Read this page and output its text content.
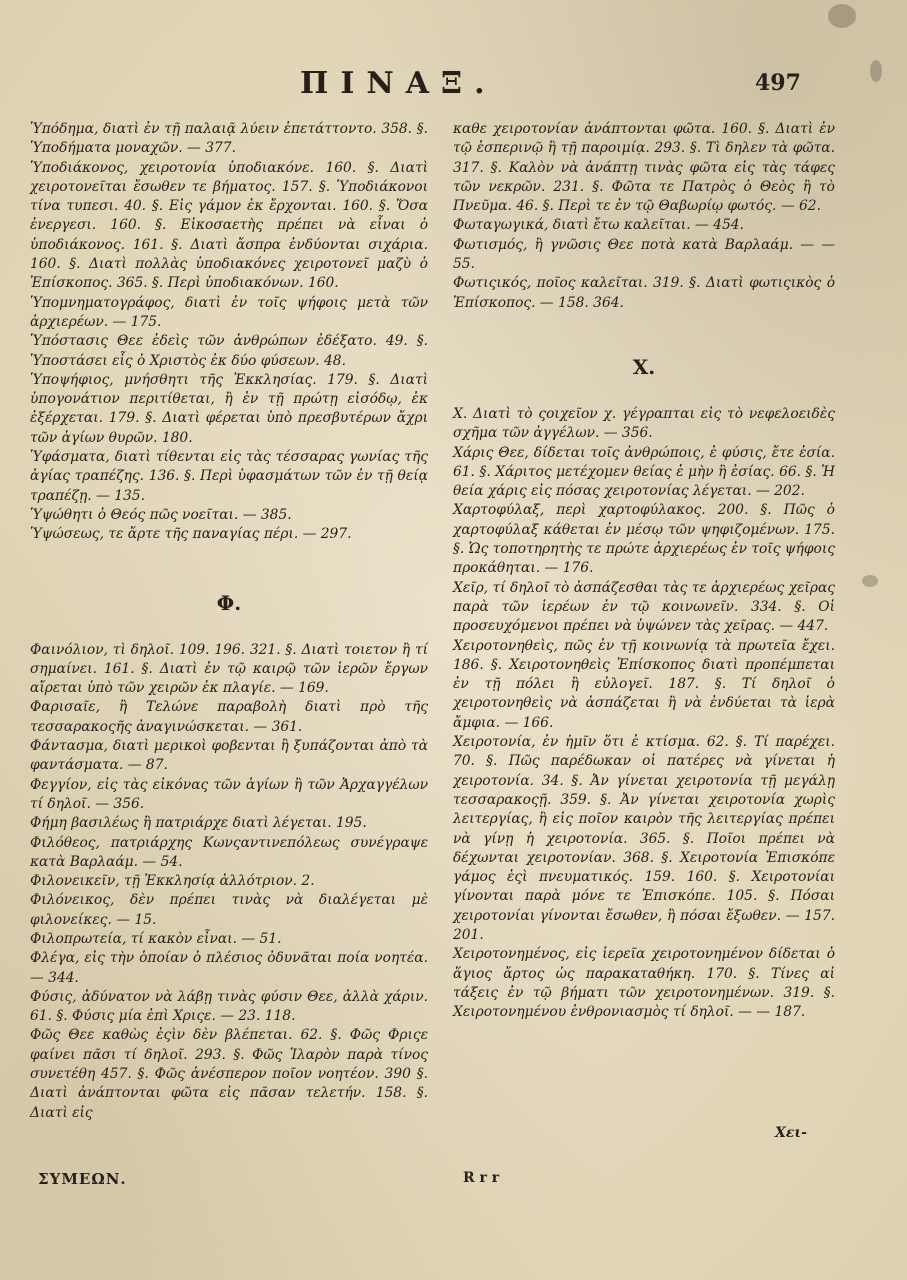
ΠΙΝΑΞ.	497

Ὑπόδημα, διατὶ ἐν τῇ παλαιᾷ λύειν ἐπετάττοντο. 358. §. Ὑποδήματα μοναχῶν. — 377.

Ὑποδιάκονος, χειροτονία ὑποδιακόνε. 160. §. Διατὶ χειροτονεῖται ἔσωθεν τε βήματος. 157. §. Ὑποδιάκονοι τίνα τυπεσι. 40. §. Εἰς γάμον ἐκ ἔρχονται. 160. §. Ὅσα ἐνεργεσι. 160. §. Εἰκοσαετὴς πρέπει νὰ εἶναι ὁ ὑποδιάκονος. 161. §. Διατὶ ἄσπρα ἐνδύονται σιχάρια. 160. §. Διατὶ πολλὰς ὑποδιακόνες χειροτονεῖ μαζὺ ὁ Ἐπίσκοπος. 365. §. Περὶ ὑποδιακόνων. 160.

Ὑπομνηματογράφος, διατὶ ἐν τοῖς ψήφοις μετὰ τῶν ἀρχιερέων. — 175.

Ὑπόστασις Θεε ἐδεὶς τῶν ἀνθρώπων ἐδέξατο. 49. §. Ὑποστάσει εἷς ὁ Χριστὸς ἐκ δύο φύσεων. 48.

Ὑποψήφιος, μνήσθητι τῆς Ἐκκλησίας. 179. §. Διατὶ ὑπογονάτιον περιτίθεται, ἢ ἐν τῇ πρώτῃ εἰσόδῳ, ἐκ ἐξέρχεται. 179. §. Διατὶ φέρεται ὑπὸ πρεσβυτέρων ἄχρι τῶν ἁγίων θυρῶν. 180.

Ὑφάσματα, διατὶ τίθενται εἰς τὰς τέσσαρας γωνίας τῆς ἁγίας τραπέζης. 136. §. Περὶ ὑφασμάτων τῶν ἐν τῇ θείᾳ τραπέζῃ. — 135.

Ὑψώθητι ὁ Θεός πῶς νοεῖται. — 385.

Ὑψώσεως, τε ἄρτε τῆς παναγίας πέρι. — 297.

Φ.

Φαινόλιον, τὶ δηλοῖ. 109. 196. 321. §. Διατὶ τοιετον ἢ τί σημαίνει. 161. §. Διατὶ ἐν τῷ καιρῷ τῶν ἱερῶν ἔργων αἴρεται ὑπὸ τῶν χειρῶν ἐκ πλαγίε. — 169.

Φαρισαῖε, ἢ Τελώνε παραβολὴ διατὶ πρὸ τῆς τεσσαρακοςῆς ἀναγινώσκεται. — 361.

Φάντασμα, διατὶ μερικοὶ φοβενται ἢ ξυπάζονται ἀπὸ τὰ φαντάσματα. — 87.

Φεγγίον, εἰς τὰς εἰκόνας τῶν ἁγίων ἢ τῶν Ἀρχαγγέλων τί δηλοῖ. — 356.

Φήμη βασιλέως ἢ πατριάρχε διατὶ λέγεται. 195.

Φιλόθεος, πατριάρχης Κωνςαντινεπόλεως συνέγραψε κατὰ Βαρλαάμ. — 54.

Φιλονεικεῖν, τῇ Ἐκκλησίᾳ ἀλλότριον. 2.

Φιλόνεικος, δὲν πρέπει τινὰς νὰ διαλέγεται μὲ φιλονείκες. — 15.

Φιλοπρωτεία, τί κακὸν εἶναι. — 51.

Φλέγα, εἰς τὴν ὁποίαν ὁ πλέσιος ὀδυνᾶται ποία νοητέα. — 344.

Φύσις, ἀδύνατον νὰ λάβῃ τινὰς φύσιν Θεε, ἀλλὰ χάριν. 61. §. Φύσις μία ἐπὶ Χριςε. — 23. 118.

Φῶς Θεε καθὼς ἐςὶν δὲν βλέπεται. 62. §. Φῶς Φριςε φαίνει πᾶσι τί δηλοῖ. 293. §. Φῶς Ἱλαρὸν παρὰ τίνος συνετέθη 457. §. Φῶς ἀνέσπερον ποῖον νοητέον. 390 §. Διατὶ ἀνάπτονται φῶτα εἰς πᾶσαν τελετήν. 158. §. Διατὶ εἰς

καθε χειροτονίαν ἀνάπτονται φῶτα. 160. §. Διατὶ ἐν τῷ ἑσπερινῷ ἢ τῇ παροιμίᾳ. 293. §. Τὶ δηλεν τὰ φῶτα. 317. §. Καλὸν νὰ ἀνάπτῃ τινὰς φῶτα εἰς τὰς τάφες τῶν νεκρῶν. 231. §. Φῶτα τε Πατρὸς ὁ Θεὸς ἢ τὸ Πνεῦμα. 46. §. Περὶ τε ἐν τῷ Θαβωρίῳ φωτός. — 62.

Φωταγωγικά, διατὶ ἔτω καλεῖται. — 454.

Φωτισμός, ἢ γνῶσις Θεε ποτὰ κατὰ Βαρλαάμ. — — 55.

Φωτιςικός, ποῖος καλεῖται. 319. §. Διατὶ φωτιςικὸς ὁ Ἐπίσκοπος. — 158. 364.

Χ.

Χ. Διατὶ τὸ ςοιχεῖον χ. γέγραπται εἰς τὸ νεφελοειδὲς σχῆμα τῶν ἀγγέλων. — 356.

Χάρις Θεε, δίδεται τοῖς ἀνθρώποις, ἐ φύσις, ἔτε ἐσία. 61. §. Χάριτος μετέχομεν θείας ἐ μὴν ἢ ἐσίας. 66. §. Ἡ θεία χάρις εἰς πόσας χειροτονίας λέγεται. — 202.

Χαρτοφύλαξ, περὶ χαρτοφύλακος. 200. §. Πῶς ὁ χαρτοφύλαξ κάθεται ἐν μέσῳ τῶν ψηφιζομένων. 175. §. Ὡς τοποτηρητὴς τε πρώτε ἀρχιερέως ἐν τοῖς ψήφοις προκάθηται. — 176.

Χεῖρ, τί δηλοῖ τὸ ἀσπάζεσθαι τὰς τε ἀρχιερέως χεῖρας παρὰ τῶν ἱερέων ἐν τῷ κοινωνεῖν. 334. §. Οἱ προσευχόμενοι πρέπει νὰ ὑψώνεν τὰς χεῖρας. — 447.

Χειροτονηθεὶς, πῶς ἐν τῇ κοινωνίᾳ τὰ πρωτεῖα ἔχει. 186. §. Χειροτονηθεὶς Ἐπίσκοπος διατὶ προπέμπεται ἐν τῇ πόλει ἢ εὐλογεῖ. 187. §. Τί δηλοῖ ὁ χειροτονηθεὶς νὰ ἀσπάζεται ἢ νὰ ἐνδύεται τὰ ἱερὰ ἄμφια. — 166.

Χειροτονία, ἐν ἡμῖν ὅτι ἐ κτίσμα. 62. §. Τί παρέχει. 70. §. Πῶς παρέδωκαν οἱ πατέρες νὰ γίνεται ἡ χειροτονία. 34. §. Ἀν γίνεται χειροτονία τῇ μεγάλῃ τεσσαρακοςῇ. 359. §. Ἀν γίνεται χειροτονία χωρὶς λειτεργίας, ἢ εἰς ποῖον καιρὸν τῆς λειτεργίας πρέπει νὰ γίνῃ ἡ χειροτονία. 365. §. Ποῖοι πρέπει νὰ δέχωνται χειροτονίαν. 368. §. Χειροτονία Ἐπισκόπε γάμος ἐςὶ πνευματικός. 159. 160. §. Χειροτονίαι γίνονται παρὰ μόνε τε Ἐπισκόπε. 105. §. Πόσαι χειροτονίαι γίνονται ἔσωθεν, ἢ πόσαι ἔξωθεν. — 157. 201.

Χειροτονημένος, εἰς ἱερεῖα χειροτονημένον δίδεται ὁ ἅγιος ἄρτος ὡς παρακαταθήκη. 170. §. Τίνες αἱ τάξεις ἐν τῷ βήματι τῶν χειροτονημένων. 319. §. Χειροτονημένου ἐνθρονιασμὸς τί δηλοῖ. — — 187.

Χει-
ΣΥΜΕΩΝ.	R r r
